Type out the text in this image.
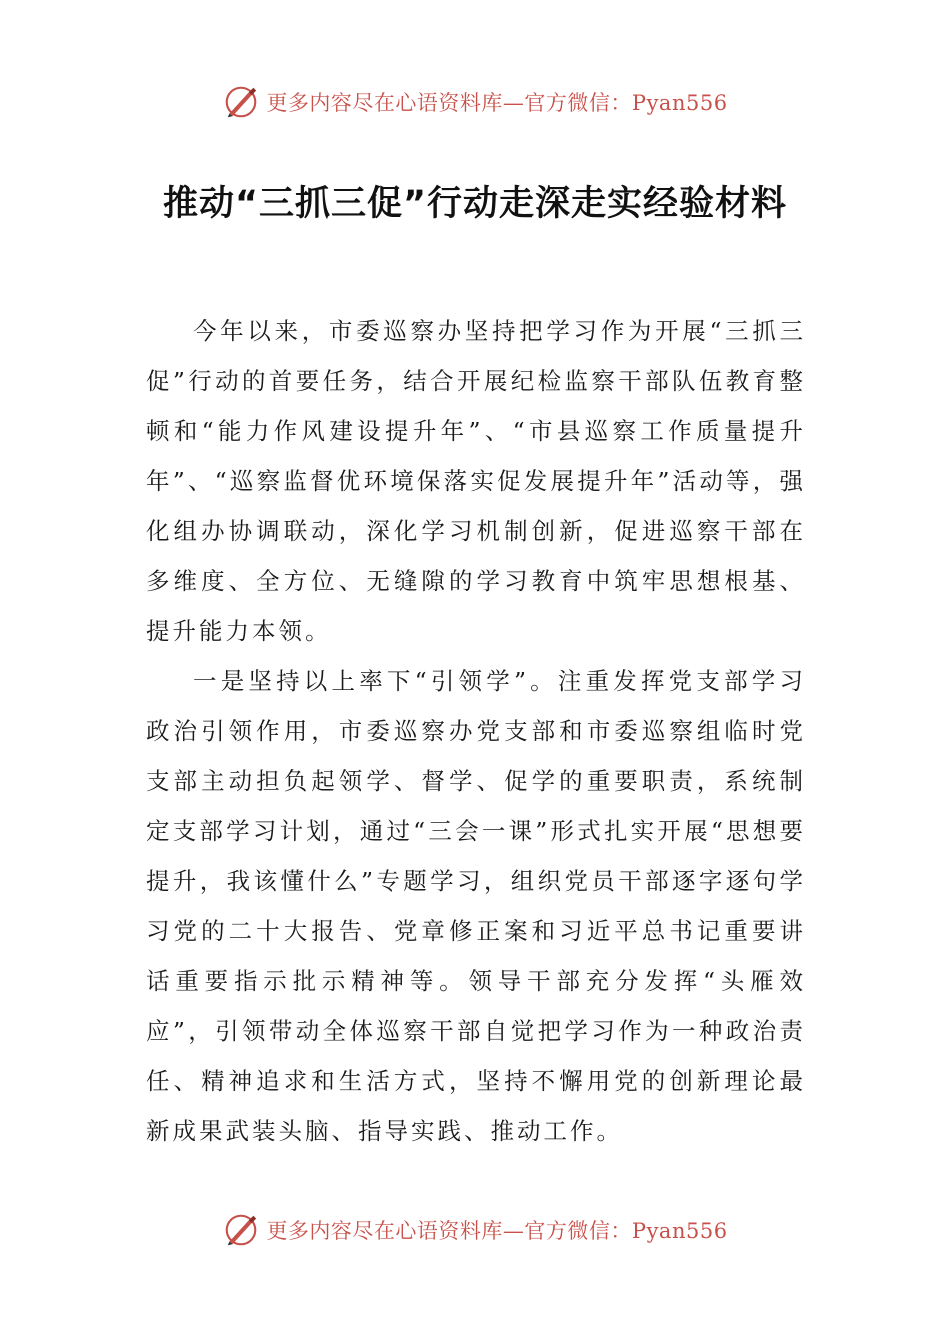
更多内容尽在心语资料库—官方微信：Pyan556
推动“三抓三促”行动走深走实经验材料

今年以来，市委巡察办坚持把学习作为开展“三抓三促”行动的首要任务，结合开展纪检监察干部队伍教育整顿和“能力作风建设提升年”、“市县巡察工作质量提升年”、“巡察监督优环境保落实促发展提升年”活动等，强化组办协调联动，深化学习机制创新，促进巡察干部在多维度、全方位、无缝隙的学习教育中筑牢思想根基、提升能力本领。

一是坚持以上率下“引领学”。注重发挥党支部学习政治引领作用，市委巡察办党支部和市委巡察组临时党支部主动担负起领学、督学、促学的重要职责，系统制定支部学习计划，通过“三会一课”形式扎实开展“思想要提升，我该懂什么”专题学习，组织党员干部逐字逐句学习党的二十大报告、党章修正案和习近平总书记重要讲话重要指示批示精神等。领导干部充分发挥“头雁效应”，引领带动全体巡察干部自觉把学习作为一种政治责任、精神追求和生活方式，坚持不懈用党的创新理论最新成果武装头脑、指导实践、推动工作。

更多内容尽在心语资料库—官方微信：Pyan556
